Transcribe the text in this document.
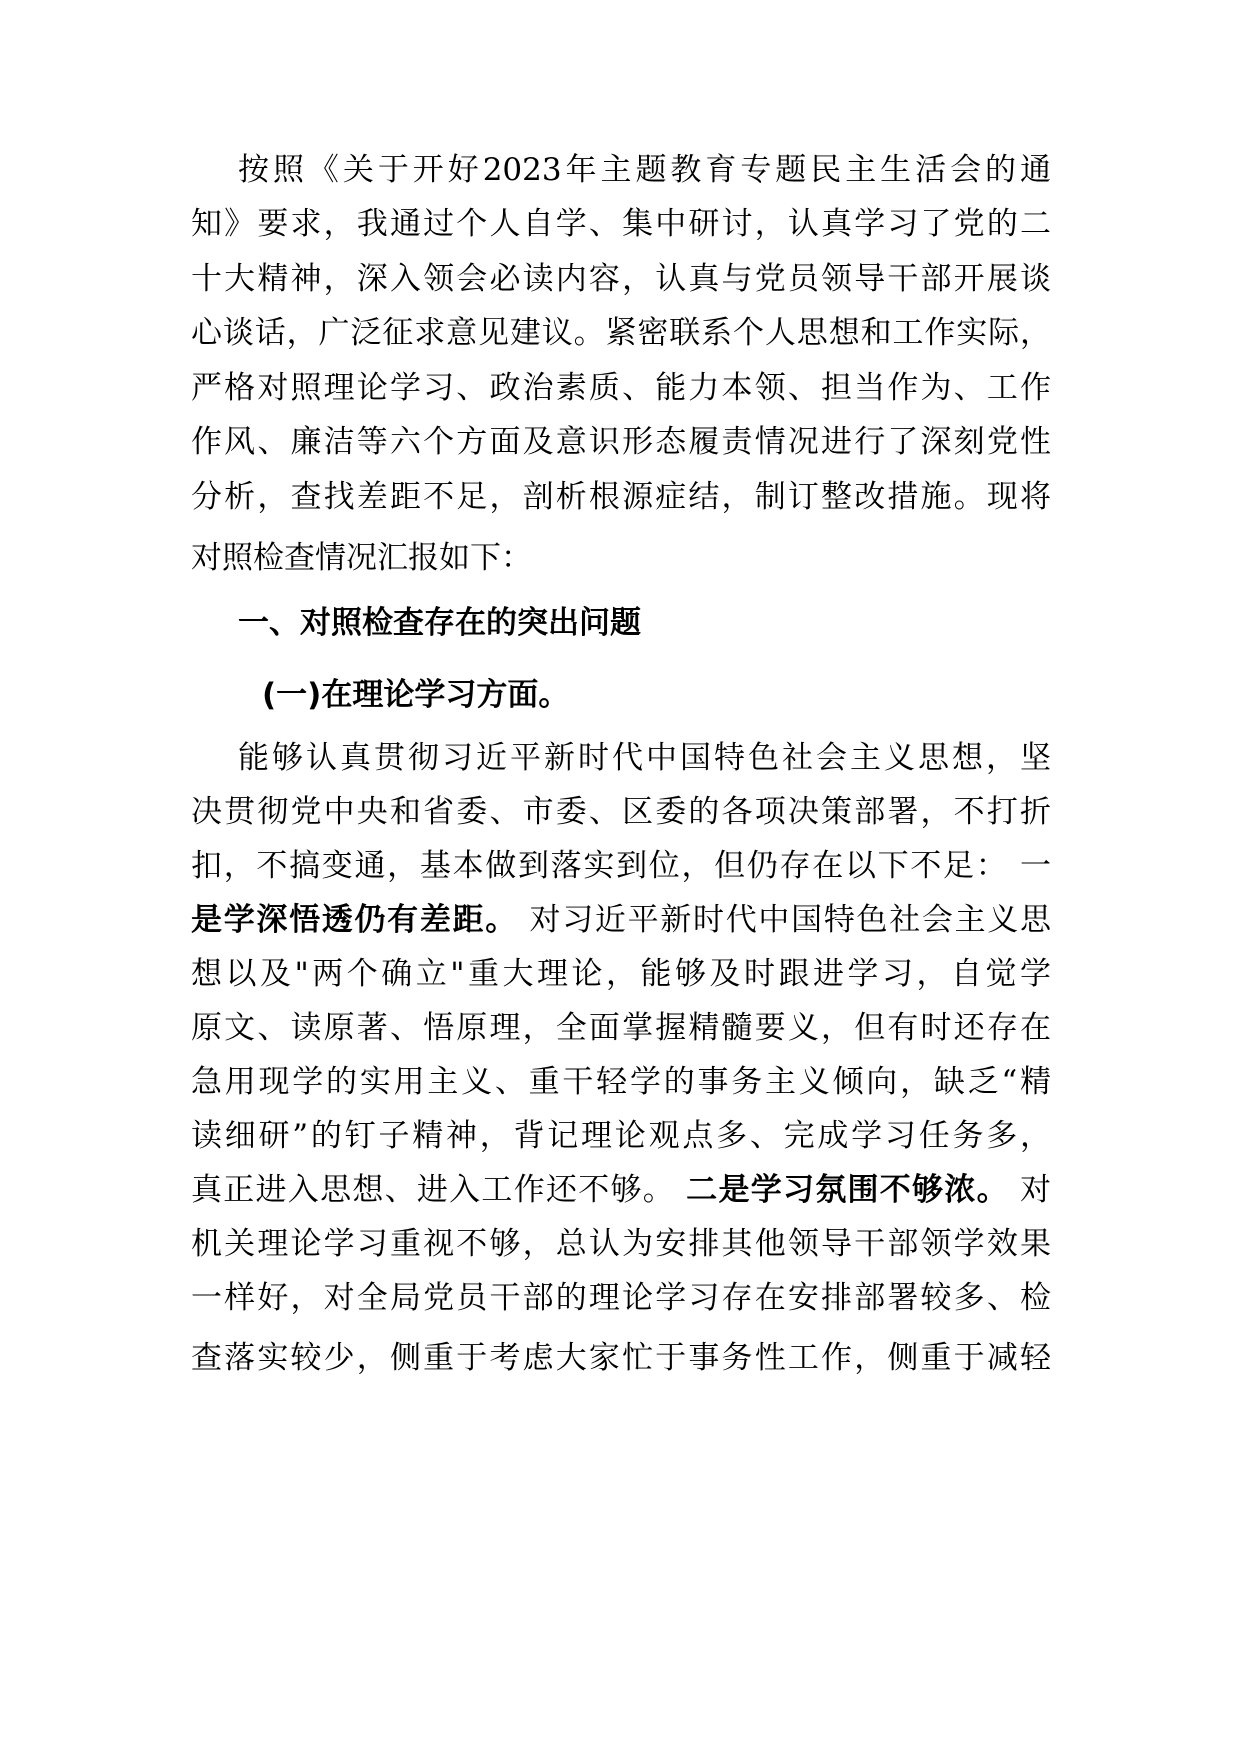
按照《关于开好2023年主题教育专题民主生活会的通
知》要求，我通过个人自学、集中研讨，认真学习了党的二
十大精神，深入领会必读内容，认真与党员领导干部开展谈
心谈话，广泛征求意见建议。紧密联系个人思想和工作实际，
严格对照理论学习、政治素质、能力本领、担当作为、工作
作风、廉洁等六个方面及意识形态履责情况进行了深刻党性
分析，查找差距不足，剖析根源症结，制订整改措施。现将
对照检查情况汇报如下：
一、对照检查存在的突出问题
(一)在理论学习方面。
能够认真贯彻习近平新时代中国特色社会主义思想，坚
决贯彻党中央和省委、市委、区委的各项决策部署，不打折
扣，不搞变通，基本做到落实到位，但仍存在以下不足： 一
是学深悟透仍有差距。 对习近平新时代中国特色社会主义思
想以及"两个确立"重大理论，能够及时跟进学习，自觉学
原文、读原著、悟原理，全面掌握精髓要义，但有时还存在
急用现学的实用主义、重干轻学的事务主义倾向，缺乏“精
读细研”的钉子精神，背记理论观点多、完成学习任务多，
真正进入思想、进入工作还不够。 二是学习氛围不够浓。 对
机关理论学习重视不够，总认为安排其他领导干部领学效果
一样好，对全局党员干部的理论学习存在安排部署较多、检
查落实较少，侧重于考虑大家忙于事务性工作，侧重于减轻
